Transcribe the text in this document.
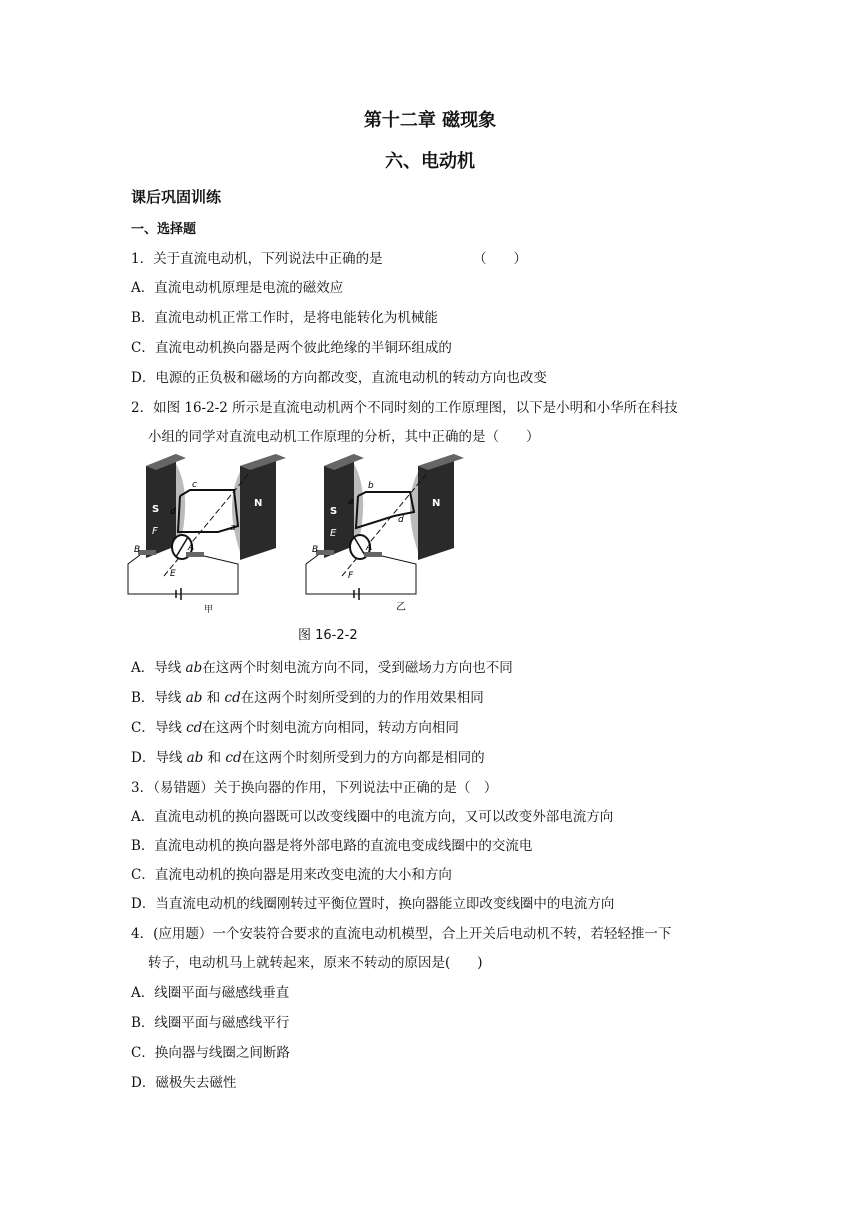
第十二章 磁现象
六、电动机
课后巩固训练
一、选择题
1．关于直流电动机，下列说法中正确的是	（　　）
A．直流电动机原理是电流的磁效应
B．直流电动机正常工作时，是将电能转化为机械能
C．直流电动机换向器是两个彼此绝缘的半铜环组成的
D．电源的正负极和磁场的方向都改变，直流电动机的转动方向也改变
2．如图 16-2-2 所示是直流电动机两个不同时刻的工作原理图，以下是小明和小华所在科技
小组的同学对直流电动机工作原理的分析，其中正确的是（　　）
S
N
F
E
B	A
a
c
d
甲
S
N
E
F
B	A
a
b
d
乙
图 16-2-2
A．导线 ab在这两个时刻电流方向不同，受到磁场力方向也不同
B．导线 ab 和 cd在这两个时刻所受到的力的作用效果相同
C．导线 cd在这两个时刻电流方向相同，转动方向相同
D．导线 ab 和 cd在这两个时刻所受到力的方向都是相同的
3．（易错题）关于换向器的作用，下列说法中正确的是（　）
A．直流电动机的换向器既可以改变线圈中的电流方向，又可以改变外部电流方向
B．直流电动机的换向器是将外部电路的直流电变成线圈中的交流电
C．直流电动机的换向器是用来改变电流的大小和方向
D．当直流电动机的线圈刚转过平衡位置时，换向器能立即改变线圈中的电流方向
4．(应用题）一个安装符合要求的直流电动机模型，合上开关后电动机不转，若轻轻推一下
转子，电动机马上就转起来，原来不转动的原因是(　　)
A．线圈平面与磁感线垂直
B．线圈平面与磁感线平行
C．换向器与线圈之间断路
D．磁极失去磁性
